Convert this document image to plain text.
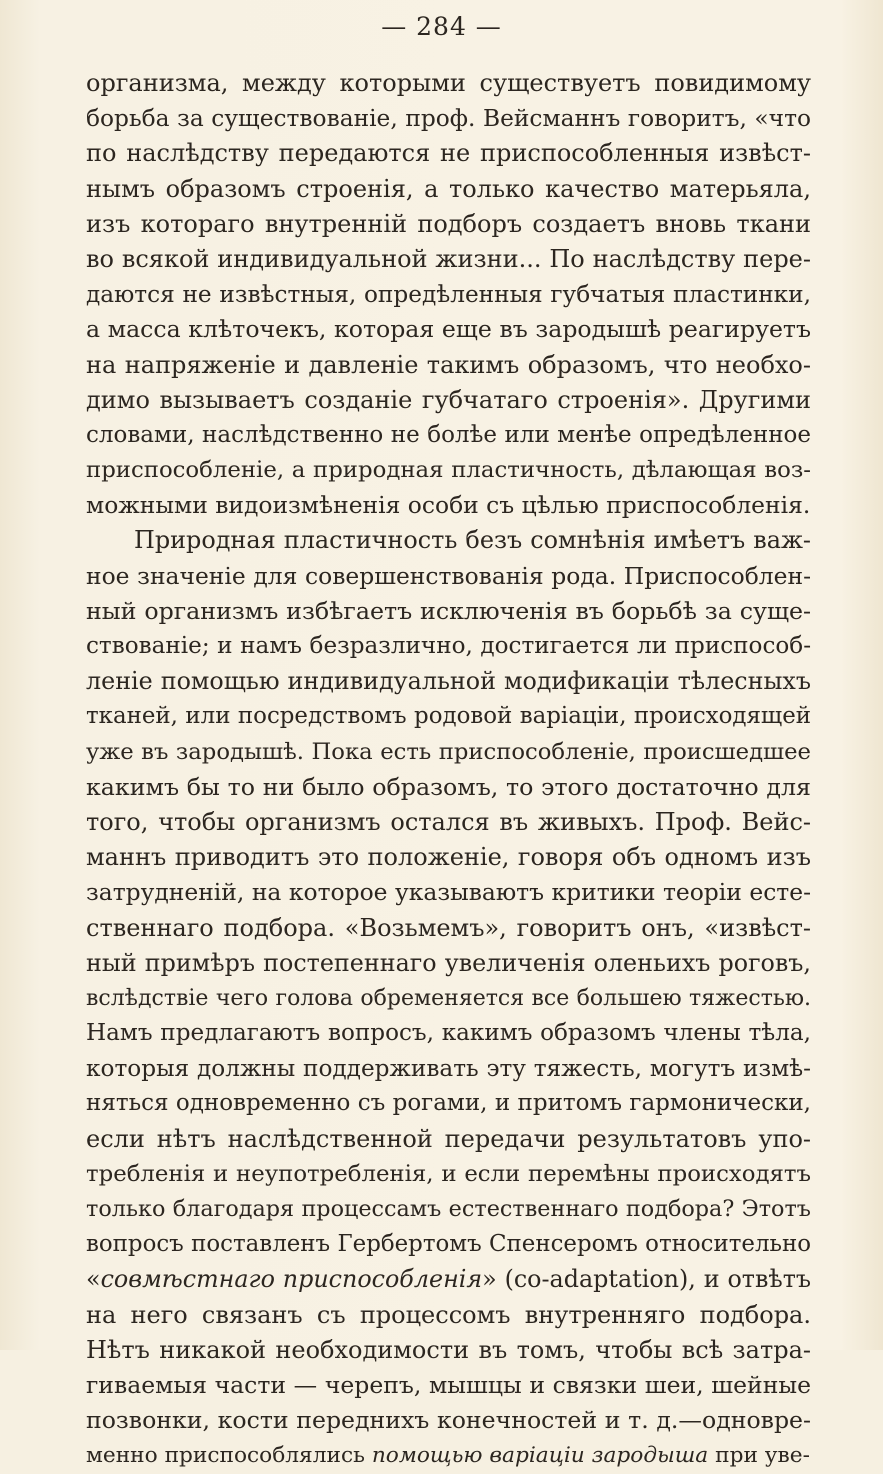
— 284 —
организма, между которыми существуетъ повидимому
борьба за существованіе, проф. Вейсманнъ говоритъ, «что
по наслѣдству передаются не приспособленныя извѣст-
нымъ образомъ строенія, а только качество матерьяла,
изъ котораго внутренній подборъ создаетъ вновь ткани
во всякой индивидуальной жизни... По наслѣдству пере-
даются не извѣстныя, опредѣленныя губчатыя пластинки,
а масса клѣточекъ, которая еще въ зародышѣ реагируетъ
на напряженіе и давленіе такимъ образомъ, что необхо-
димо вызываетъ созданіе губчатаго строенія». Другими
словами, наслѣдственно не болѣе или менѣе опредѣленное
приспособленіе, а природная пластичность, дѣлающая воз-
можными видоизмѣненія особи съ цѣлью приспособленія.
Природная пластичность безъ сомнѣнія имѣетъ важ-
ное значеніе для совершенствованія рода. Приспособлен-
ный организмъ избѣгаетъ исключенія въ борьбѣ за суще-
ствованіе; и намъ безразлично, достигается ли приспособ-
леніе помощью индивидуальной модификаціи тѣлесныхъ
тканей, или посредствомъ родовой варіаціи, происходящей
уже въ зародышѣ. Пока есть приспособленіе, происшедшее
какимъ бы то ни было образомъ, то этого достаточно для
того, чтобы организмъ остался въ живыхъ. Проф. Вейс-
маннъ приводитъ это положеніе, говоря объ одномъ изъ
затрудненій, на которое указываютъ критики теоріи есте-
ственнаго подбора. «Возьмемъ», говоритъ онъ, «извѣст-
ный примѣръ постепеннаго увеличенія оленьихъ роговъ,
вслѣдствіе чего голова обременяется все большею тяжестью.
Намъ предлагаютъ вопросъ, какимъ образомъ члены тѣла,
которыя должны поддерживать эту тяжесть, могутъ измѣ-
няться одновременно съ рогами, и притомъ гармонически,
если нѣтъ наслѣдственной передачи результатовъ упо-
требленія и неупотребленія, и если перемѣны происходятъ
только благодаря процессамъ естественнаго подбора? Этотъ
вопросъ поставленъ Гербертомъ Спенсеромъ относительно
«совмѣстнаго приспособленія» (co-adaptation), и отвѣтъ
на него связанъ съ процессомъ внутренняго подбора.
Нѣтъ никакой необходимости въ томъ, чтобы всѣ затра-
гиваемыя части — черепъ, мышцы и связки шеи, шейные
позвонки, кости переднихъ конечностей и т. д.—одновре-
менно приспособлялись помощью варіаціи зародыша при уве-
